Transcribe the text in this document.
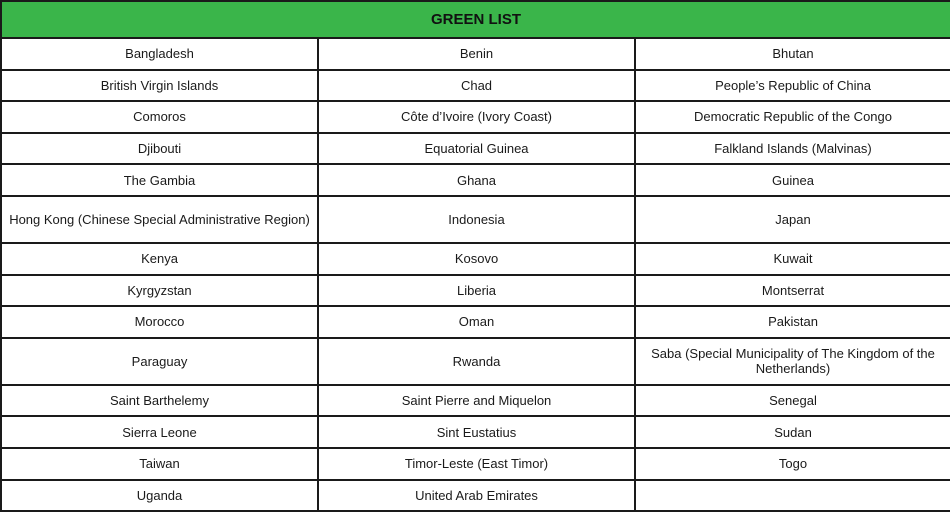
GREEN LIST		
Bangladesh	Benin	Bhutan
British Virgin Islands	Chad	People’s Republic of China
Comoros	Côte d’Ivoire (Ivory Coast)	Democratic Republic of the Congo
Djibouti	Equatorial Guinea	Falkland Islands (Malvinas)
The Gambia	Ghana	Guinea
Hong Kong (Chinese Special Administrative Region)	Indonesia	Japan
Kenya	Kosovo	Kuwait
Kyrgyzstan	Liberia	Montserrat
Morocco	Oman	Pakistan
Paraguay	Rwanda	Saba (Special Municipality of The Kingdom of the Netherlands)
Saint Barthelemy	Saint Pierre and Miquelon	Senegal
Sierra Leone	Sint Eustatius	Sudan
Taiwan	Timor-Leste (East Timor)	Togo
Uganda	United Arab Emirates	
